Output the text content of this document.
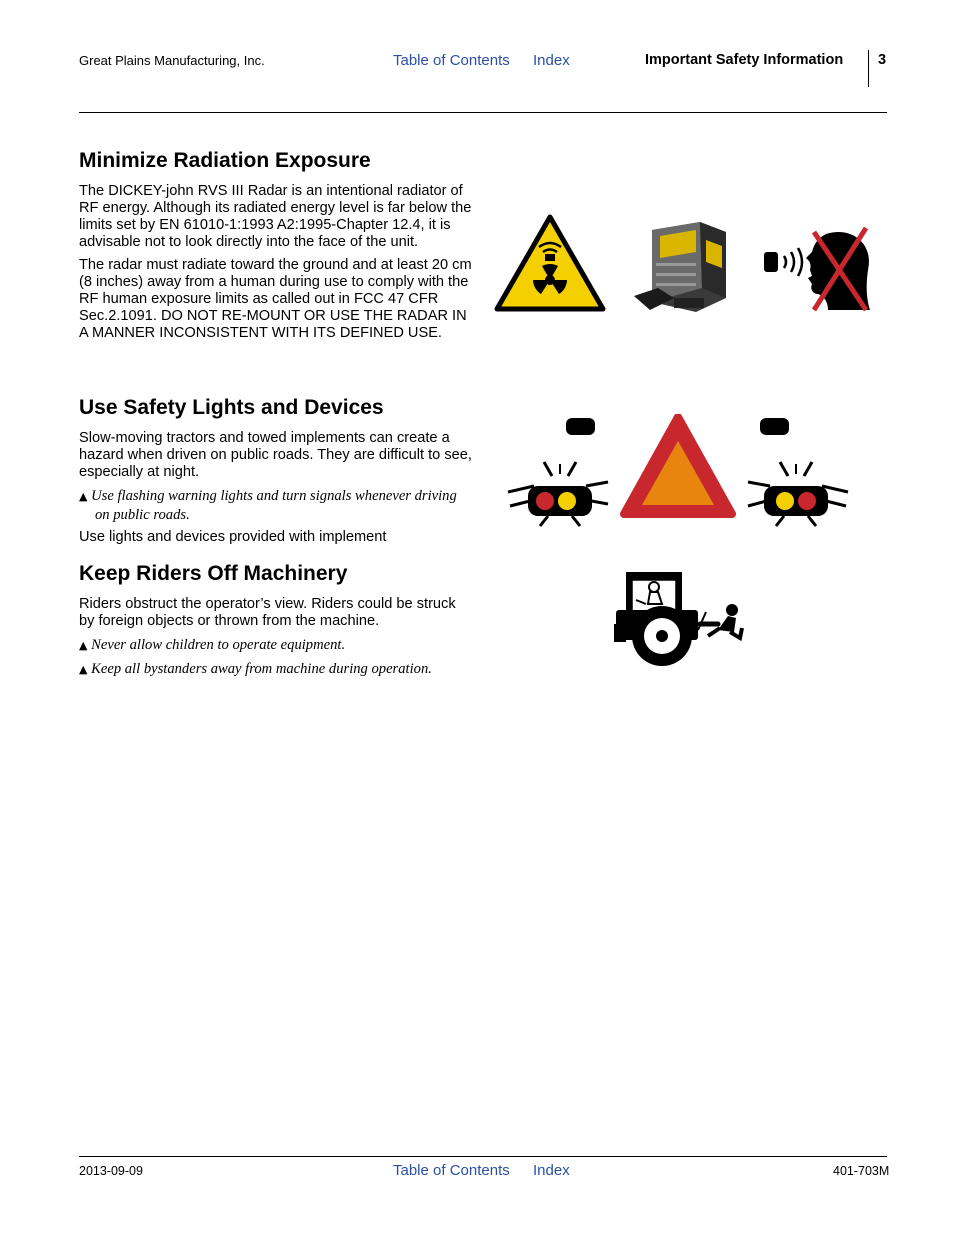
Great Plains Manufacturing, Inc.	Table of Contents Index	Important Safety Information 3
Minimize Radiation Exposure

The DICKEY-john RVS III Radar is an intentional radiator of RF energy. Although its radiated energy level is far below the limits set by EN 61010-1:1993 A2:1995-Chapter 12.4, it is advisable not to look directly into the face of the unit.

The radar must radiate toward the ground and at least 20 cm (8 inches) away from a human during use to comply with the RF human exposure limits as called out in FCC 47 CFR Sec.2.1091. DO NOT RE-MOUNT OR USE THE RADAR IN A MANNER INCONSISTENT WITH ITS DEFINED USE.

Use Safety Lights and Devices

Slow-moving tractors and towed implements can create a hazard when driven on public roads. They are difficult to see, especially at night.

▲ Use flashing warning lights and turn signals whenever driving on public roads.

Use lights and devices provided with implement

Keep Riders Off Machinery

Riders obstruct the operator’s view. Riders could be struck by foreign objects or thrown from the machine.

▲ Never allow children to operate equipment.

▲ Keep all bystanders away from machine during operation.

2013-09-09	Table of Contents Index	401-703M
